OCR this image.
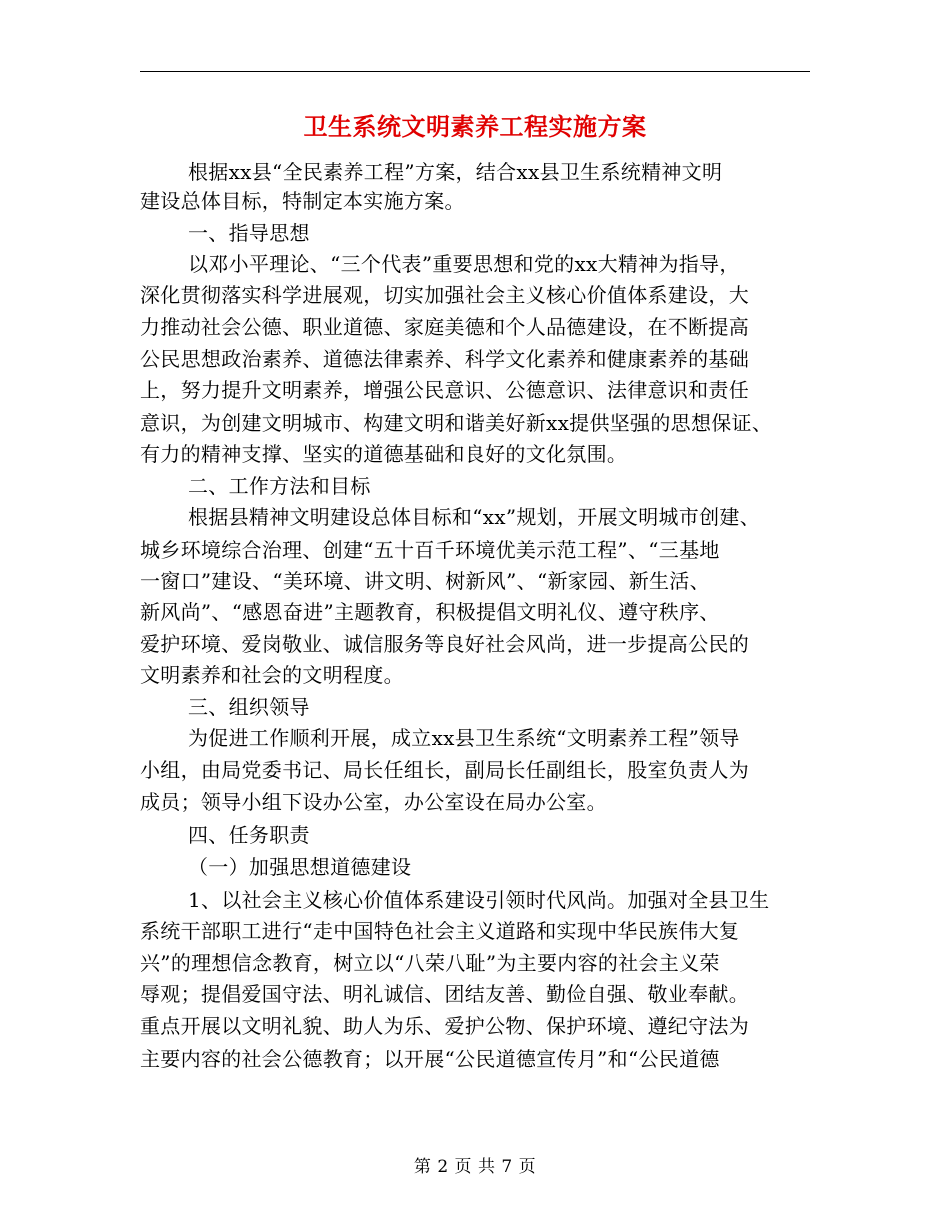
卫生系统文明素养工程实施方案
根据xx县“全民素养工程”方案，结合xx县卫生系统精神文明
建设总体目标，特制定本实施方案。
一、指导思想
以邓小平理论、“三个代表”重要思想和党的xx大精神为指导，
深化贯彻落实科学进展观，切实加强社会主义核心价值体系建设，大
力推动社会公德、职业道德、家庭美德和个人品德建设，在不断提高
公民思想政治素养、道德法律素养、科学文化素养和健康素养的基础
上，努力提升文明素养，增强公民意识、公德意识、法律意识和责任
意识，为创建文明城市、构建文明和谐美好新xx提供坚强的思想保证、
有力的精神支撑、坚实的道德基础和良好的文化氛围。
二、工作方法和目标
根据县精神文明建设总体目标和“xx”规划，开展文明城市创建、
城乡环境综合治理、创建“五十百千环境优美示范工程”、“三基地
一窗口”建设、“美环境、讲文明、树新风”、“新家园、新生活、
新风尚”、“感恩奋进”主题教育，积极提倡文明礼仪、遵守秩序、
爱护环境、爱岗敬业、诚信服务等良好社会风尚，进一步提高公民的
文明素养和社会的文明程度。
三、组织领导
为促进工作顺利开展，成立xx县卫生系统“文明素养工程”领导
小组，由局党委书记、局长任组长，副局长任副组长，股室负责人为
成员；领导小组下设办公室，办公室设在局办公室。
四、任务职责
（一）加强思想道德建设
1、以社会主义核心价值体系建设引领时代风尚。加强对全县卫生
系统干部职工进行“走中国特色社会主义道路和实现中华民族伟大复
兴”的理想信念教育，树立以“八荣八耻”为主要内容的社会主义荣
辱观；提倡爱国守法、明礼诚信、团结友善、勤俭自强、敬业奉献。
重点开展以文明礼貌、助人为乐、爱护公物、保护环境、遵纪守法为
主要内容的社会公德教育；以开展“公民道德宣传月”和“公民道德
第 2 页 共 7 页
